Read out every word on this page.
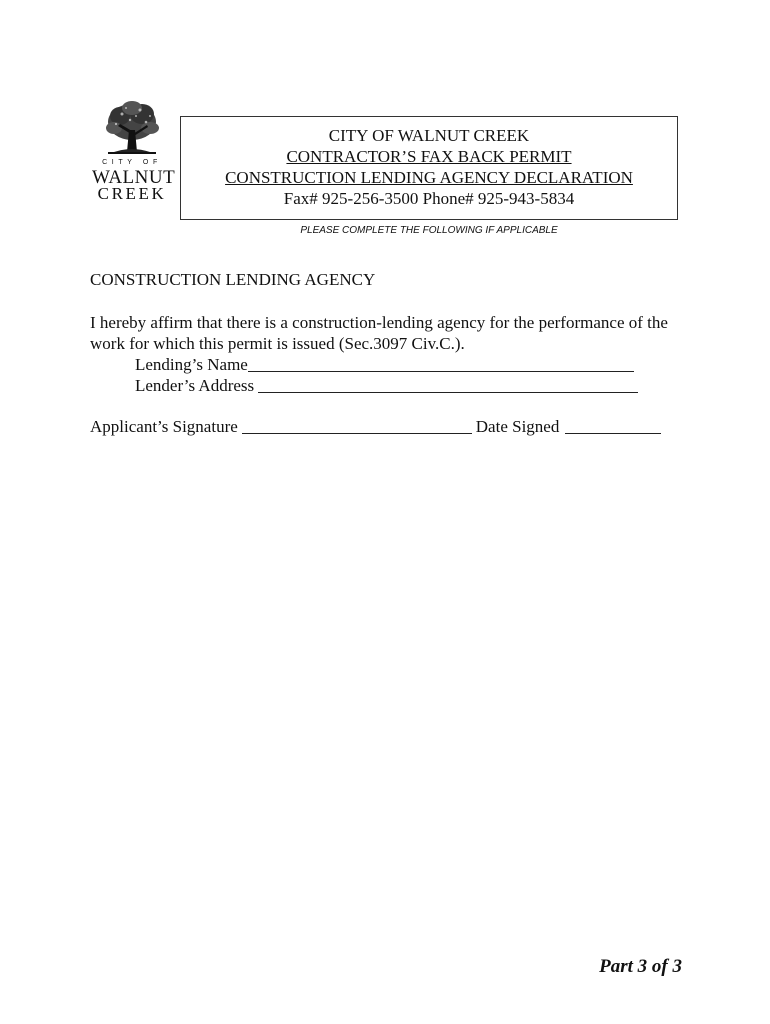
CITY OF
WALNUT
CREEK
CITY OF WALNUT CREEK
CONTRACTOR’S FAX BACK PERMIT
CONSTRUCTION LENDING AGENCY DECLARATION
Fax# 925-256-3500 Phone# 925-943-5834
PLEASE COMPLETE THE FOLLOWING IF APPLICABLE
CONSTRUCTION LENDING AGENCY
I hereby affirm that there is a construction-lending agency for the performance of the work for which this permit is issued (Sec.3097 Civ.C.).
Lending’s Name
Lender’s Address
Applicant’s Signature	Date Signed
Part 3 of 3
